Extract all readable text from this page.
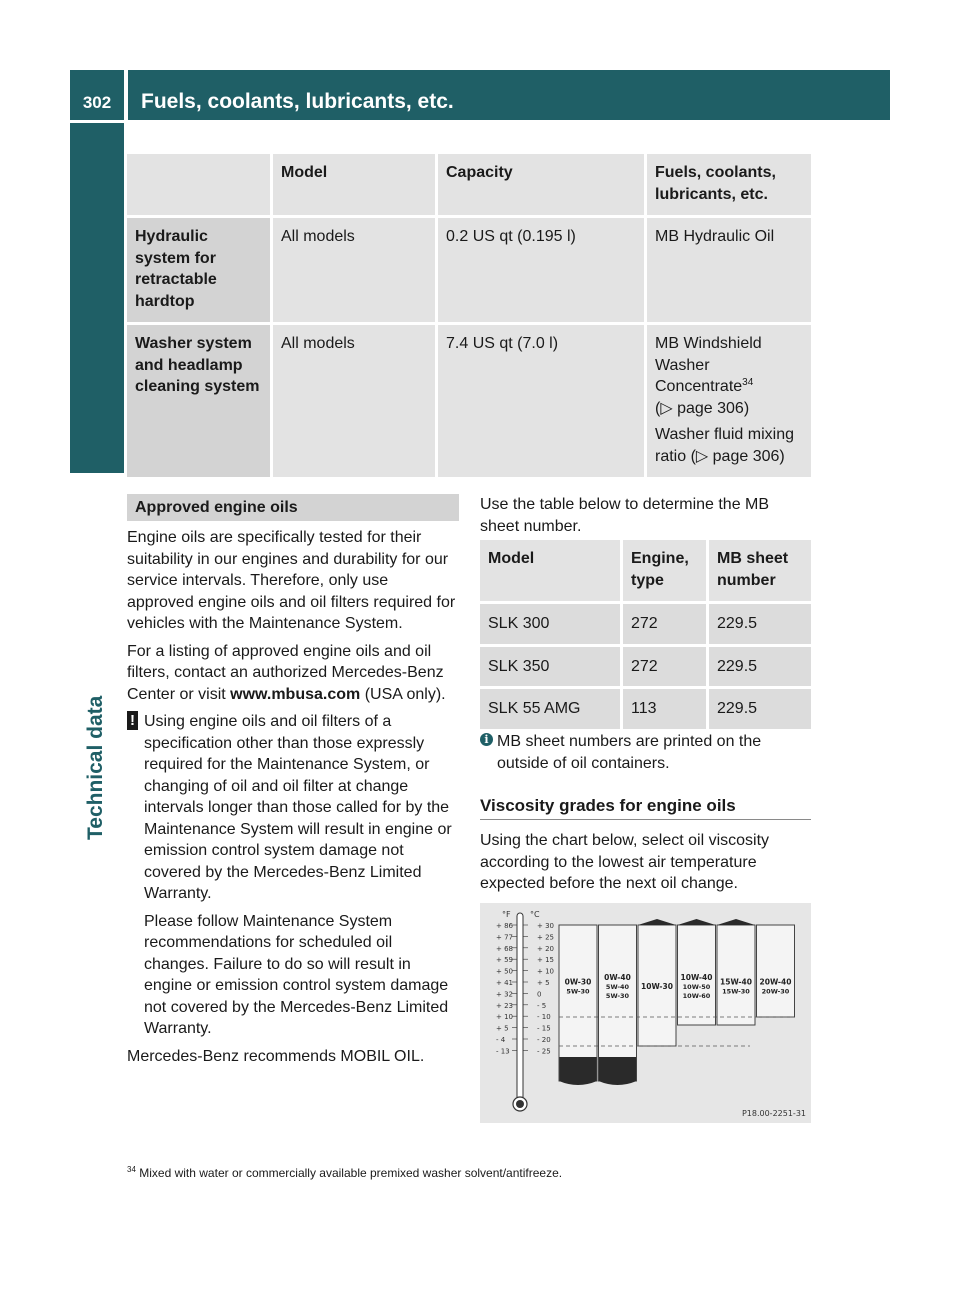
302	Fuels, coolants, lubricants, etc.
Technical data
	Model	Capacity	Fuels, coolants, lubricants, etc.
Hydraulic system for retractable hardtop	All models	0.2 US qt (0.195 l)	MB Hydraulic Oil
Washer system and headlamp cleaning system	All models	7.4 US qt (7.0 l)	MB Windshield Washer Concentrate$^{34}$
(▷ page 306)
Washer fluid mixing ratio (▷ page 306)
Approved engine oils

Engine oils are specifically tested for their suitability in our engines and durability for our service intervals. Therefore, only use approved engine oils and oil filters required for vehicles with the Maintenance System.

For a listing of approved engine oils and oil filters, contact an authorized Mercedes-Benz Center or visit www.mbusa.com (USA only).

! Using engine oils and oil filters of a specification other than those expressly required for the Maintenance System, or changing of oil and oil filter at change intervals longer than those called for by the Maintenance System will result in engine or emission control system damage not covered by the Mercedes-Benz Limited Warranty.

Please follow Maintenance System recommendations for scheduled oil changes. Failure to do so will result in engine or emission control system damage not covered by the Mercedes-Benz Limited Warranty.

Mercedes-Benz recommends MOBIL OIL.

Use the table below to determine the MB sheet number.
Model	Engine, type	MB sheet number
SLK 300	272	229.5
SLK 350	272	229.5
SLK 55 AMG	113	229.5
i MB sheet numbers are printed on the outside of oil containers.
Viscosity grades for engine oils
Using the chart below, select oil viscosity according to the lowest air temperature expected before the next oil change.
°F °C
+ 86
+ 77
+ 68
+ 59
+ 50
+ 41
+ 32
+ 23
+ 10
+ 5
- 4
- 13
+ 30
+ 25
+ 20
+ 15
+ 10
+ 5
0
- 5
- 10
- 15
- 20
- 25
0W-30
5W-30
0W-40
5W-40
5W-30
10W-30
10W-40
10W-50
10W-60
15W-40
15W-30
20W-40
20W-30
P18.00-2251-31
$^{34}$ Mixed with water or commercially available premixed washer solvent/antifreeze.
